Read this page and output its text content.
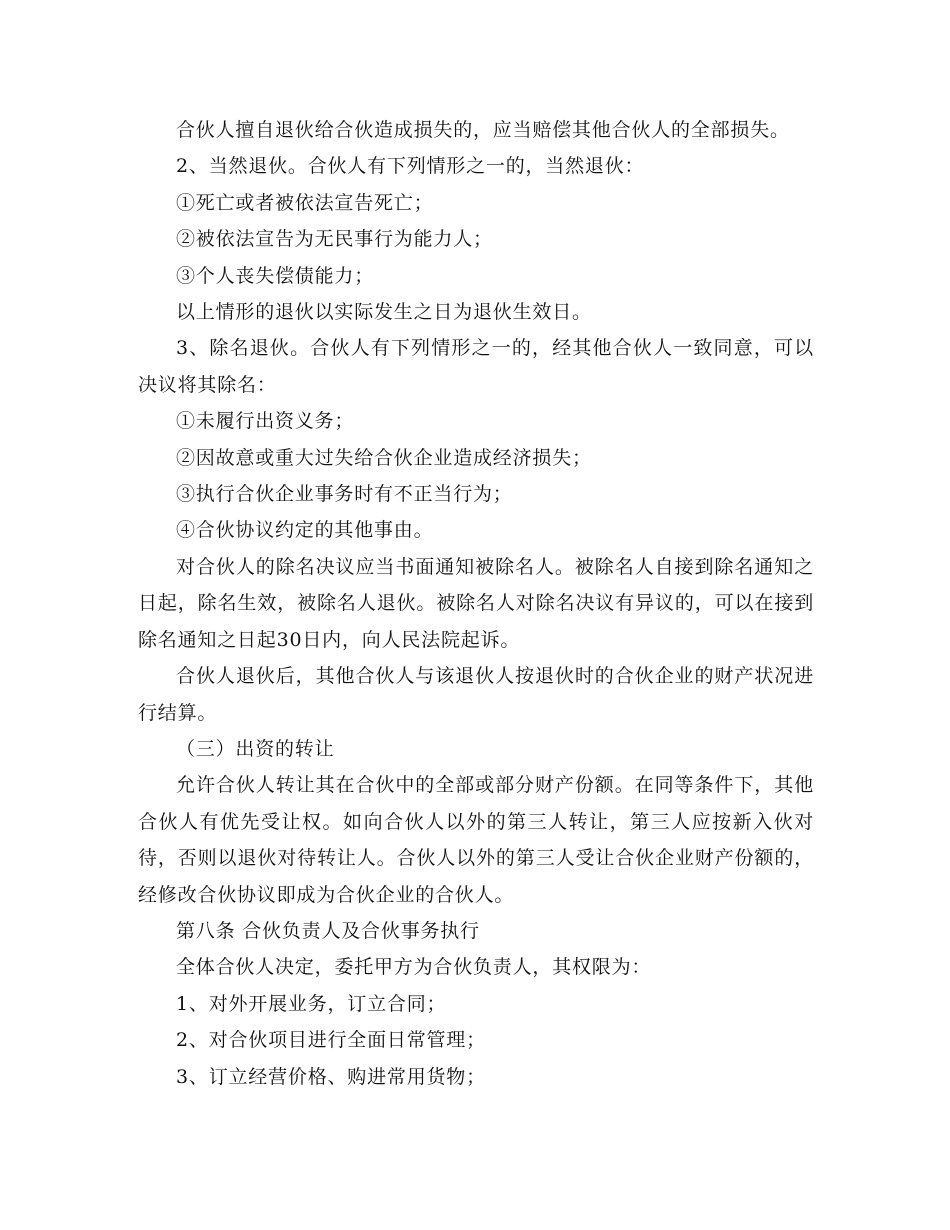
合伙人擅自退伙给合伙造成损失的，应当赔偿其他合伙人的全部损失。

2、当然退伙。合伙人有下列情形之一的，当然退伙：

①死亡或者被依法宣告死亡；

②被依法宣告为无民事行为能力人；

③个人丧失偿债能力；

以上情形的退伙以实际发生之日为退伙生效日。

3、除名退伙。合伙人有下列情形之一的，经其他合伙人一致同意，可以决议将其除名：

①未履行出资义务；

②因故意或重大过失给合伙企业造成经济损失；

③执行合伙企业事务时有不正当行为；

④合伙协议约定的其他事由。

对合伙人的除名决议应当书面通知被除名人。被除名人自接到除名通知之日起，除名生效，被除名人退伙。被除名人对除名决议有异议的，可以在接到除名通知之日起30日内，向人民法院起诉。

合伙人退伙后，其他合伙人与该退伙人按退伙时的合伙企业的财产状况进行结算。

（三）出资的转让

允许合伙人转让其在合伙中的全部或部分财产份额。在同等条件下，其他合伙人有优先受让权。如向合伙人以外的第三人转让，第三人应按新入伙对待，否则以退伙对待转让人。合伙人以外的第三人受让合伙企业财产份额的，经修改合伙协议即成为合伙企业的合伙人。

第八条 合伙负责人及合伙事务执行

全体合伙人决定，委托甲方为合伙负责人，其权限为：

1、对外开展业务，订立合同；

2、对合伙项目进行全面日常管理；

3、订立经营价格、购进常用货物；
